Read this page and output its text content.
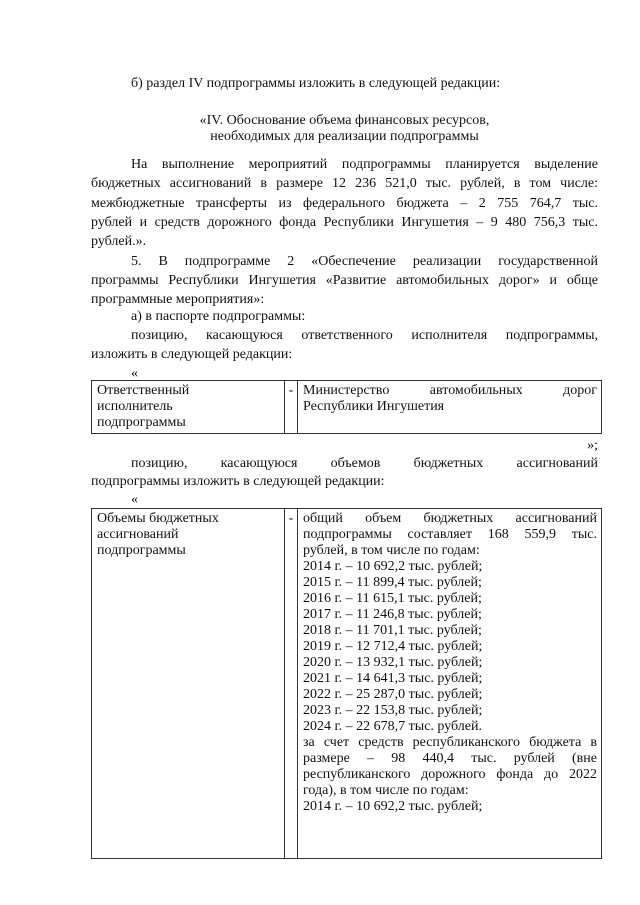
б) раздел IV подпрограммы изложить в следующей редакции:
«IV. Обоснование объема финансовых ресурсов,
необходимых для реализации подпрограммы
На выполнение мероприятий подпрограммы планируется выделение
бюджетных ассигнований в размере 12 236 521,0 тыс. рублей, в том числе:
межбюджетные трансферты из федерального бюджета – 2 755 764,7 тыс.
рублей и средств дорожного фонда Республики Ингушетия – 9 480 756,3 тыс.
рублей.».
5. В подпрограмме 2 «Обеспечение реализации государственной
программы Республики Ингушетия «Развитие автомобильных дорог» и обще
программные мероприятия»:
а) в паспорте подпрограммы:
позицию, касающуюся ответственного исполнителя подпрограммы,
изложить в следующей редакции:
«
Ответственный
исполнитель
подпрограммы
	-	Министерство автомобильных дорог
Республики Ингушетия
»;
позицию, касающуюся объемов бюджетных ассигнований
подпрограммы изложить в следующей редакции:
«
Объемы бюджетных
ассигнований
подпрограммы
	-	общий объем бюджетных ассигнований
подпрограммы составляет 168 559,9 тыс.
рублей, в том числе по годам:
2014 г. – 10 692,2 тыс. рублей;
2015 г. – 11 899,4 тыс. рублей;
2016 г. – 11 615,1 тыс. рублей;
2017 г. – 11 246,8 тыс. рублей;
2018 г. – 11 701,1 тыс. рублей;
2019 г. – 12 712,4 тыс. рублей;
2020 г. – 13 932,1 тыс. рублей;
2021 г. – 14 641,3 тыс. рублей;
2022 г. – 25 287,0 тыс. рублей;
2023 г. – 22 153,8 тыс. рублей;
2024 г. – 22 678,7 тыс. рублей.
за счет средств республиканского бюджета в
размере – 98 440,4 тыс. рублей (вне
республиканского дорожного фонда до 2022
года), в том числе по годам:
2014 г. – 10 692,2 тыс. рублей;
